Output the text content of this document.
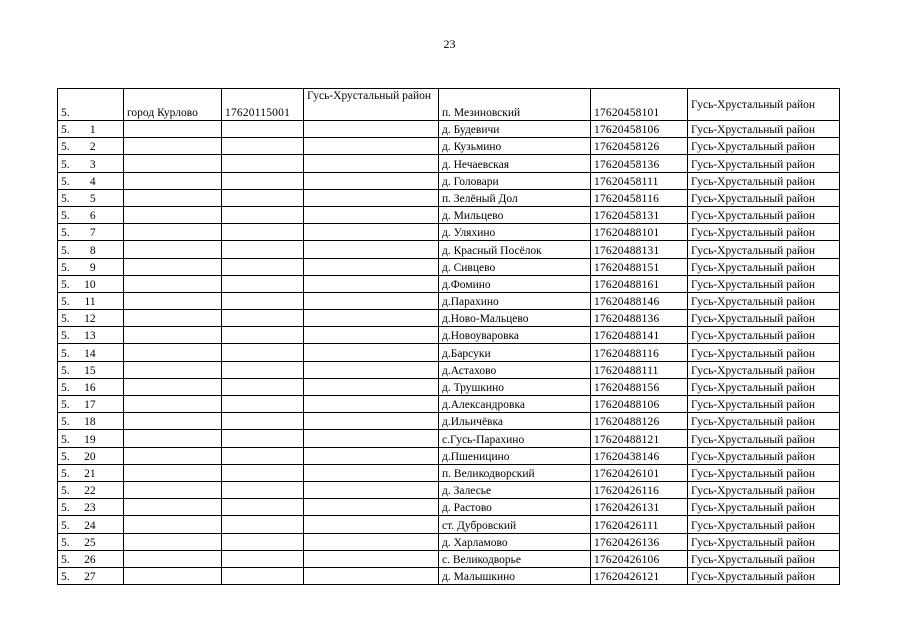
23
5.	город Курлово	17620115001	Гусь-Хрустальный район	п. Мезиновский	17620458101	Гусь-Хрустальный район
5. 1				д. Будевичи	17620458106	Гусь-Хрустальный район
5. 2				д. Кузьмино	17620458126	Гусь-Хрустальный район
5. 3				д. Нечаевская	17620458136	Гусь-Хрустальный район
5. 4				д. Головари	17620458111	Гусь-Хрустальный район
5. 5				п. Зелёный Дол	17620458116	Гусь-Хрустальный район
5. 6				д. Мильцево	17620458131	Гусь-Хрустальный район
5. 7				д. Уляхино	17620488101	Гусь-Хрустальный район
5. 8				д. Красный Посёлок	17620488131	Гусь-Хрустальный район
5. 9				д. Сивцево	17620488151	Гусь-Хрустальный район
5. 10				д.Фомино	17620488161	Гусь-Хрустальный район
5. 11				д.Парахино	17620488146	Гусь-Хрустальный район
5. 12				д.Ново-Мальцево	17620488136	Гусь-Хрустальный район
5. 13				д.Новоуваровка	17620488141	Гусь-Хрустальный район
5. 14				д.Барсуки	17620488116	Гусь-Хрустальный район
5. 15				д.Астахово	17620488111	Гусь-Хрустальный район
5. 16				д. Трушкино	17620488156	Гусь-Хрустальный район
5. 17				д.Александровка	17620488106	Гусь-Хрустальный район
5. 18				д.Ильичёвка	17620488126	Гусь-Хрустальный район
5. 19				с.Гусь-Парахино	17620488121	Гусь-Хрустальный район
5. 20				д.Пшеницино	17620438146	Гусь-Хрустальный район
5. 21				п. Великодворский	17620426101	Гусь-Хрустальный район
5. 22				д. Залесье	17620426116	Гусь-Хрустальный район
5. 23				д. Растово	17620426131	Гусь-Хрустальный район
5. 24				ст. Дубровский	17620426111	Гусь-Хрустальный район
5. 25				д. Харламово	17620426136	Гусь-Хрустальный район
5. 26				с. Великодворье	17620426106	Гусь-Хрустальный район
5. 27				д. Малышкино	17620426121	Гусь-Хрустальный район
